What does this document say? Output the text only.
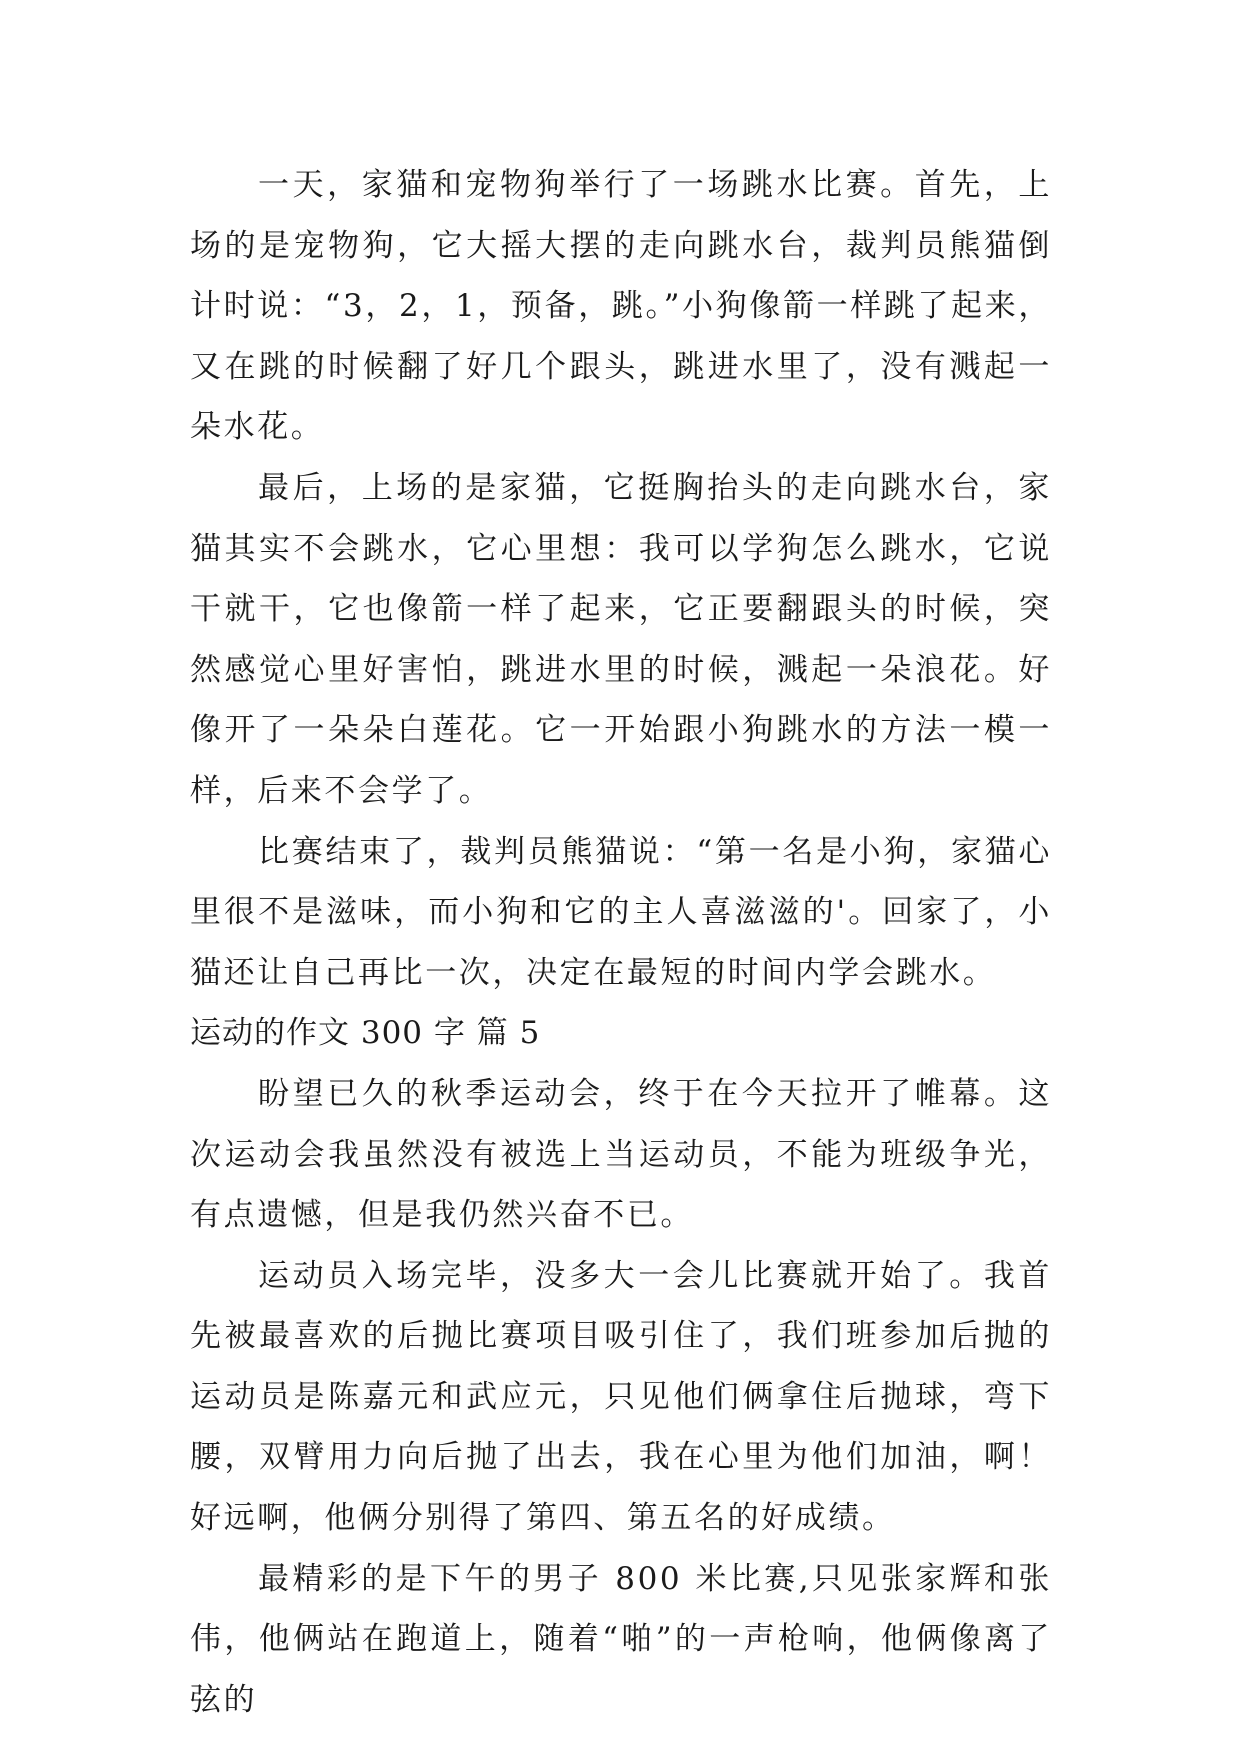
一天，家猫和宠物狗举行了一场跳水比赛。首先，上场的是宠物狗，它大摇大摆的走向跳水台，裁判员熊猫倒计时说：“3，2，1，预备，跳。”小狗像箭一样跳了起来，又在跳的时候翻了好几个跟头，跳进水里了，没有溅起一朵水花。

最后，上场的是家猫，它挺胸抬头的走向跳水台，家猫其实不会跳水，它心里想：我可以学狗怎么跳水，它说干就干，它也像箭一样了起来，它正要翻跟头的时候，突然感觉心里好害怕，跳进水里的时候，溅起一朵浪花。好像开了一朵朵白莲花。它一开始跟小狗跳水的方法一模一样，后来不会学了。

比赛结束了，裁判员熊猫说：“第一名是小狗，家猫心里很不是滋味，而小狗和它的主人喜滋滋的'。回家了，小猫还让自己再比一次，决定在最短的时间内学会跳水。

运动的作文 300 字 篇 5

盼望已久的秋季运动会，终于在今天拉开了帷幕。这次运动会我虽然没有被选上当运动员，不能为班级争光，有点遗憾，但是我仍然兴奋不已。

运动员入场完毕，没多大一会儿比赛就开始了。我首先被最喜欢的后抛比赛项目吸引住了，我们班参加后抛的运动员是陈嘉元和武应元，只见他们俩拿住后抛球，弯下腰，双臂用力向后抛了出去，我在心里为他们加油，啊！好远啊，他俩分别得了第四、第五名的好成绩。

最精彩的是下午的男子 800 米比赛,只见张家辉和张伟，他俩站在跑道上，随着“啪”的一声枪响，他俩像离了弦的
